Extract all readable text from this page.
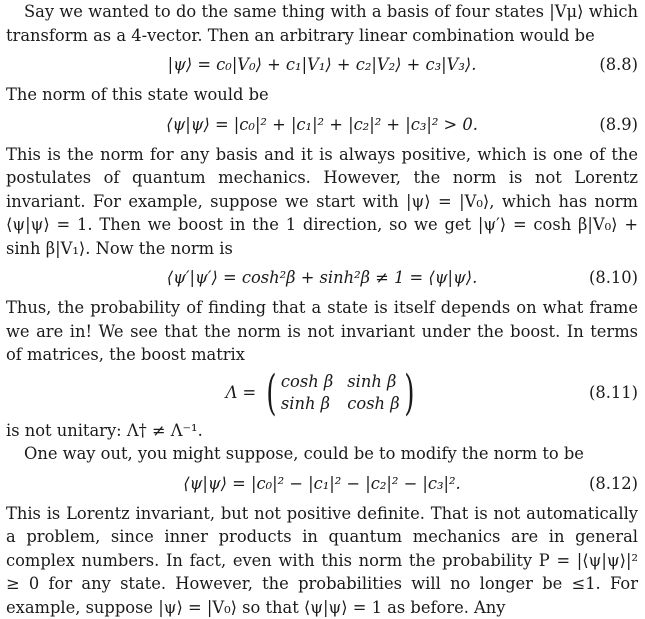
Say we wanted to do the same thing with a basis of four states |Vμ⟩ which transform as a 4-vector. Then an arbitrary linear combination would be

|ψ⟩ = c₀|V₀⟩ + c₁|V₁⟩ + c₂|V₂⟩ + c₃|V₃⟩.	(8.8)

The norm of this state would be

⟨ψ|ψ⟩ = |c₀|² + |c₁|² + |c₂|² + |c₃|² > 0.	(8.9)

This is the norm for any basis and it is always positive, which is one of the postulates of quantum mechanics. However, the norm is not Lorentz invariant. For example, suppose we start with |ψ⟩ = |V₀⟩, which has norm ⟨ψ|ψ⟩ = 1. Then we boost in the 1 direction, so we get |ψ′⟩ = cosh β|V₀⟩ + sinh β|V₁⟩. Now the norm is

⟨ψ′|ψ′⟩ = cosh²β + sinh²β ≠ 1 = ⟨ψ|ψ⟩.	(8.10)

Thus, the probability of finding that a state is itself depends on what frame we are in! We see that the norm is not invariant under the boost. In terms of matrices, the boost matrix

Λ = ( cosh β sinh β
sinh β cosh β )	(8.11)

is not unitary: Λ† ≠ Λ⁻¹.

One way out, you might suppose, could be to modify the norm to be

⟨ψ|ψ⟩ = |c₀|² − |c₁|² − |c₂|² − |c₃|².	(8.12)

This is Lorentz invariant, but not positive definite. That is not automatically a problem, since inner products in quantum mechanics are in general complex numbers. In fact, even with this norm the probability P = |⟨ψ|ψ⟩|² ≥ 0 for any state. However, the probabilities will no longer be ≤1. For example, suppose |ψ⟩ = |V₀⟩ so that ⟨ψ|ψ⟩ = 1 as before. Any
